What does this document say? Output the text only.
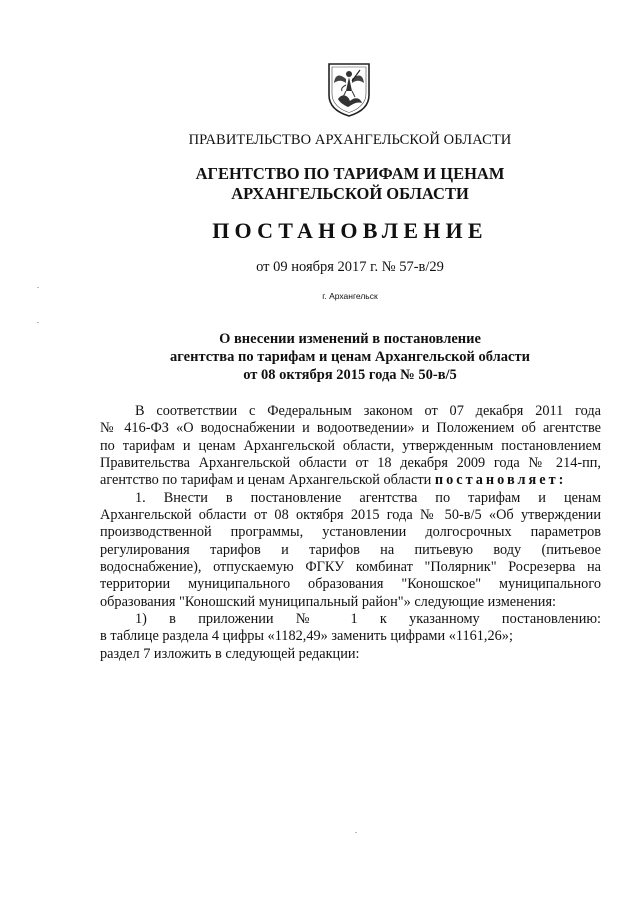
ПРАВИТЕЛЬСТВО АРХАНГЕЛЬСКОЙ ОБЛАСТИ
АГЕНТСТВО ПО ТАРИФАМ И ЦЕНАМ
АРХАНГЕЛЬСКОЙ ОБЛАСТИ
ПОСТАНОВЛЕНИЕ
от 09 ноября 2017 г. № 57-в/29
г. Архангельск
О внесении изменений в постановление
агентства по тарифам и ценам Архангельской области
от 08 октября 2015 года № 50-в/5
В соответствии с Федеральным законом от 07 декабря 2011 года
№ 416-ФЗ «О водоснабжении и водоотведении» и Положением об агентстве
по тарифам и ценам Архангельской области, утвержденным постановлением
Правительства Архангельской области от 18 декабря 2009 года № 214-пп,
агентство по тарифам и ценам Архангельской области постановляет:
1. Внести в постановление агентства по тарифам и ценам
Архангельской области от 08 октября 2015 года № 50-в/5 «Об утверждении
производственной программы, установлении долгосрочных параметров
регулирования тарифов и тарифов на питьевую воду (питьевое
водоснабжение), отпускаемую ФГКУ комбинат "Полярник" Росрезерва на
территории муниципального образования "Коношское" муниципального
образования "Коношский муниципальный район"» следующие изменения:
1) в приложении № 1 к указанному постановлению:
в таблице раздела 4 цифры «1182,49» заменить цифрами «1161,26»;
раздел 7 изложить в следующей редакции:
